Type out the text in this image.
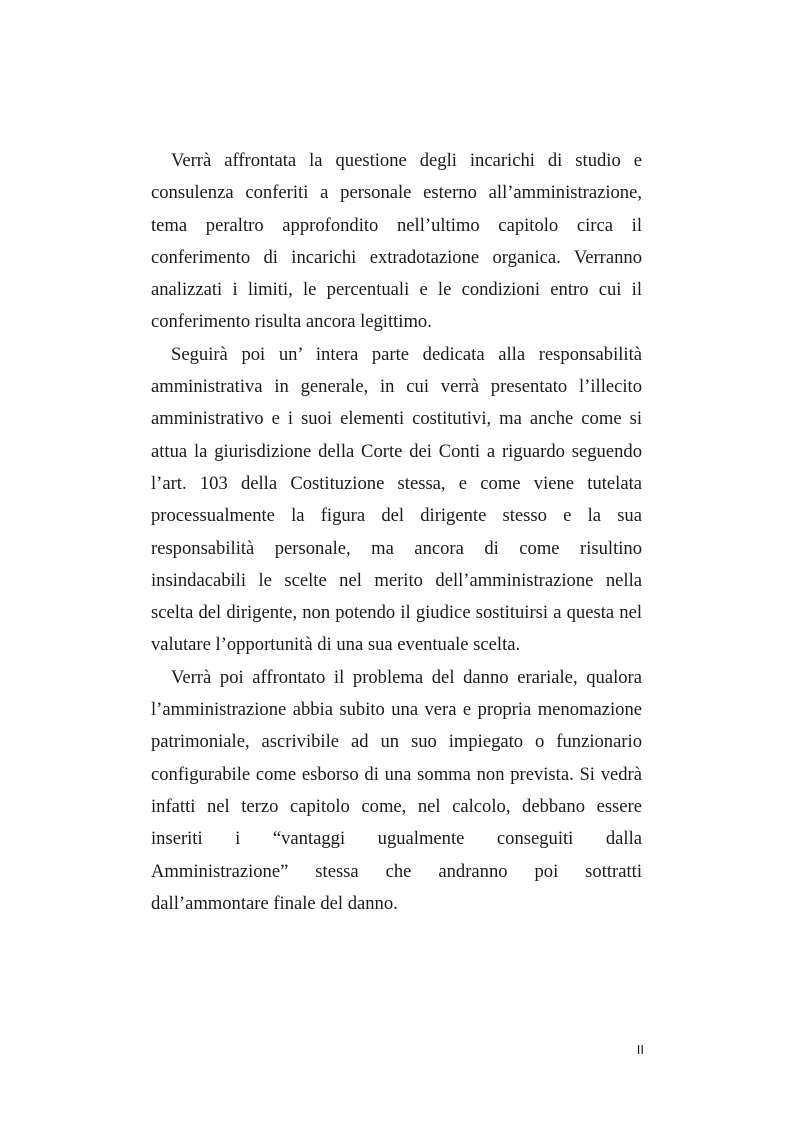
Verrà affrontata la questione degli incarichi di studio e
consulenza conferiti a personale esterno all’amministrazione,
tema peraltro approfondito nell’ultimo capitolo circa il
conferimento di incarichi extradotazione organica. Verranno
analizzati i limiti, le percentuali e le condizioni entro cui il
conferimento risulta ancora legittimo.
Seguirà poi un’ intera parte dedicata alla responsabilità
amministrativa in generale, in cui verrà presentato l’illecito
amministrativo e i suoi elementi costitutivi, ma anche come si
attua la giurisdizione della Corte dei Conti a riguardo seguendo
l’art. 103 della Costituzione stessa, e come viene tutelata
processualmente la figura del dirigente stesso e la sua
responsabilità personale, ma ancora di come risultino
insindacabili le scelte nel merito dell’amministrazione nella
scelta del dirigente, non potendo il giudice sostituirsi a questa nel
valutare l’opportunità di una sua eventuale scelta.
Verrà poi affrontato il problema del danno erariale, qualora
l’amministrazione abbia subito una vera e propria menomazione
patrimoniale, ascrivibile ad un suo impiegato o funzionario
configurabile come esborso di una somma non prevista. Si vedrà
infatti nel terzo capitolo come, nel calcolo, debbano essere
inseriti i “vantaggi ugualmente conseguiti dalla
Amministrazione” stessa che andranno poi sottratti
dall’ammontare finale del danno.
II
